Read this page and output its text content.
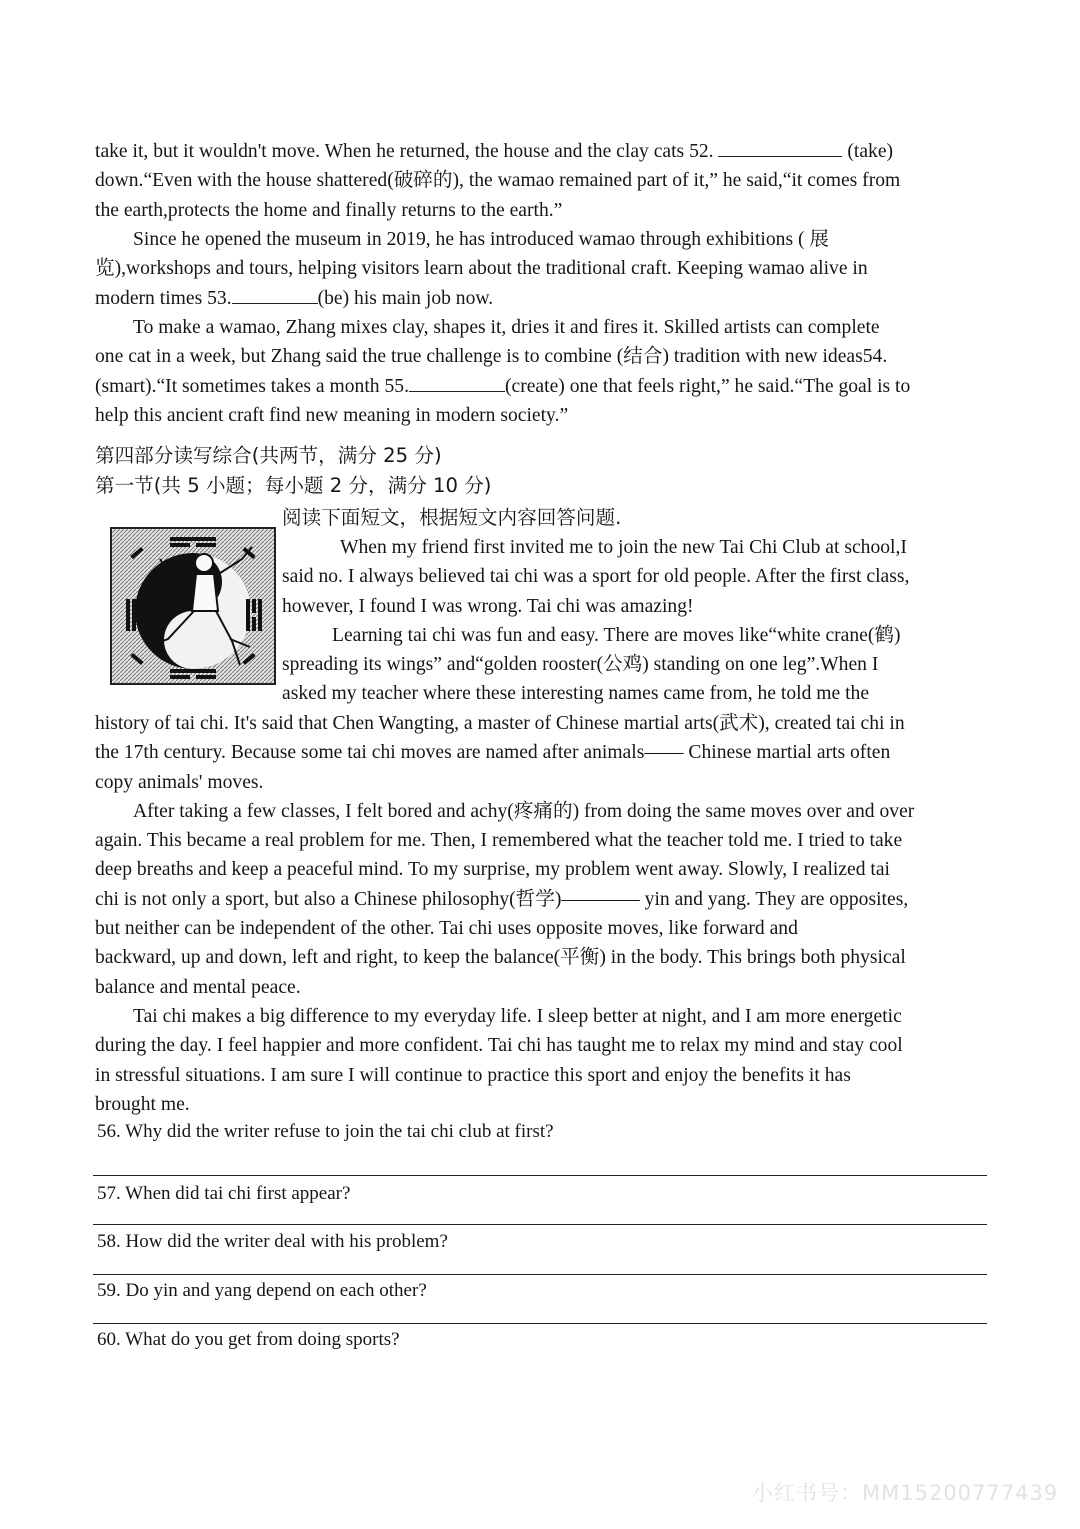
take it, but it wouldn't move. When he returned, the house and the clay cats 52.	(take)
down.“Even with the house shattered(破碎的), the wamao remained part of it,” he said,“it comes from
the earth,protects the home and finally returns to the earth.”
Since he opened the museum in 2019, he has introduced wamao through exhibitions ( 展
览),workshops and tours, helping visitors learn about the traditional craft. Keeping wamao alive in
modern times 53.	(be) his main job now.
To make a wamao, Zhang mixes clay, shapes it, dries it and fires it. Skilled artists can complete
one cat in a week, but Zhang said the true challenge is to combine (结合) tradition with new ideas54.
(smart).“It sometimes takes a month 55.	(create) one that feels right,” he said.“The goal is to
help this ancient craft find new meaning in modern society.”
第四部分读写综合(共两节，满分 25 分)
第一节(共 5 小题；每小题 2 分，满分 10 分)
阅读下面短文，根据短文内容回答问题.
When my friend first invited me to join the new Tai Chi Club at school,I
said no. I always believed tai chi was a sport for old people. After the first class,
however, I found I was wrong. Tai chi was amazing!
Learning tai chi was fun and easy. There are moves like“white crane(鹤)
spreading its wings” and“golden rooster(公鸡) standing on one leg”.When I
asked my teacher where these interesting names came from, he told me the
history of tai chi. It's said that Chen Wangting, a master of Chinese martial arts(武术), created tai chi in
the 17th century. Because some tai chi moves are named after animals—— Chinese martial arts often
copy animals' moves.
After taking a few classes, I felt bored and achy(疼痛的) from doing the same moves over and over
again. This became a real problem for me. Then, I remembered what the teacher told me. I tried to take
deep breaths and keep a peaceful mind. To my surprise, my problem went away. Slowly, I realized tai
chi is not only a sport, but also a Chinese philosophy(哲学)———— yin and yang. They are opposites,
but neither can be independent of the other. Tai chi uses opposite moves, like forward and
backward, up and down, left and right, to keep the balance(平衡) in the body. This brings both physical
balance and mental peace.
Tai chi makes a big difference to my everyday life. I sleep better at night, and I am more energetic
during the day. I feel happier and more confident. Tai chi has taught me to relax my mind and stay cool
in stressful situations. I am sure I will continue to practice this sport and enjoy the benefits it has
brought me.
56. Why did the writer refuse to join the tai chi club at first?
57. When did tai chi first appear?
58. How did the writer deal with his problem?
59. Do yin and yang depend on each other?
60. What do you get from doing sports?
小红书号：MM15200777439
